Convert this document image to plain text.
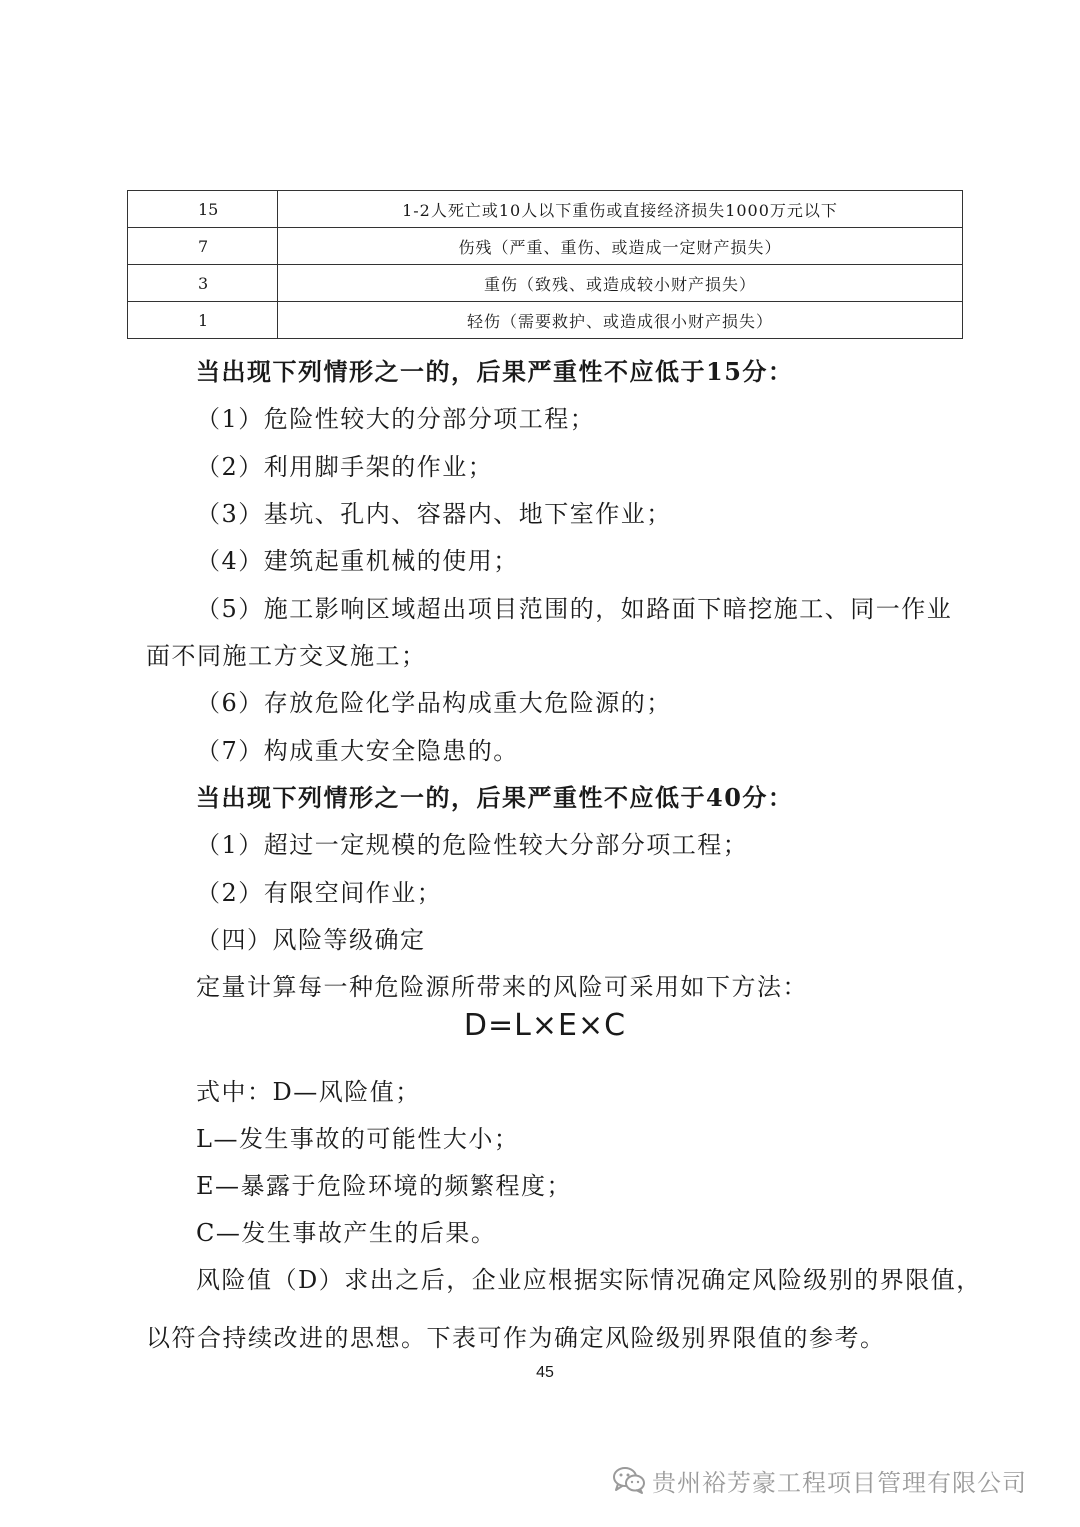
15	1-2人死亡或10人以下重伤或直接经济损失1000万元以下
7	伤残（严重、重伤、或造成一定财产损失）
3	重伤（致残、或造成较小财产损失）
1	轻伤（需要救护、或造成很小财产损失）
当出现下列情形之一的，后果严重性不应低于15分：
（1）危险性较大的分部分项工程；
（2）利用脚手架的作业；
（3）基坑、孔内、容器内、地下室作业；
（4）建筑起重机械的使用；
（5）施工影响区域超出项目范围的，如路面下暗挖施工、同一作业
面不同施工方交叉施工；
（6）存放危险化学品构成重大危险源的；
（7）构成重大安全隐患的。
当出现下列情形之一的，后果严重性不应低于40分：
（1）超过一定规模的危险性较大分部分项工程；
（2）有限空间作业；
（四）风险等级确定
定量计算每一种危险源所带来的风险可采用如下方法：
D=L×E×C
式中：D—风险值；
L—发生事故的可能性大小；
E—暴露于危险环境的频繁程度；
C—发生事故产生的后果。
风险值（D）求出之后，企业应根据实际情况确定风险级别的界限值，
以符合持续改进的思想。下表可作为确定风险级别界限值的参考。
45
贵州裕芳豪工程项目管理有限公司
